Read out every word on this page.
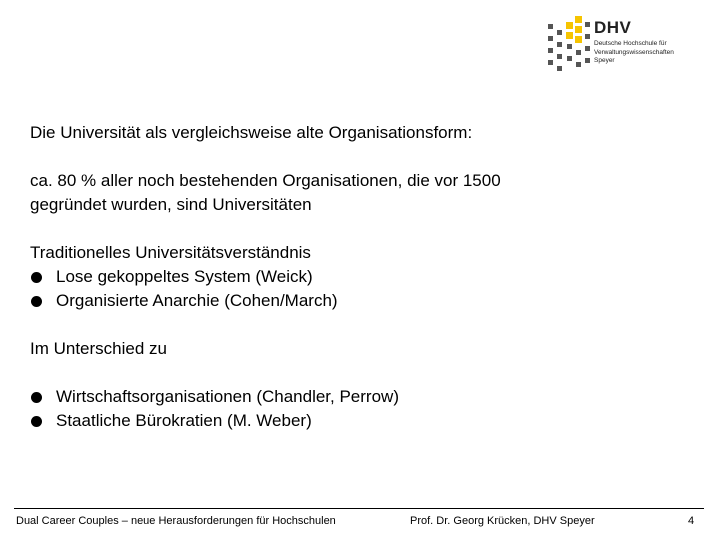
DHV
Deutsche Hochschule für
Verwaltungswissenschaften
Speyer

Die Universität als vergleichsweise alte Organisationsform:

ca. 80 % aller noch bestehenden Organisationen, die vor 1500

gegründet wurden, sind Universitäten

Traditionelles Universitätsverständnis

Lose gekoppeltes System (Weick)
Organisierte Anarchie (Cohen/March)

Im Unterschied zu

Wirtschaftsorganisationen (Chandler, Perrow)
Staatliche Bürokratien (M. Weber)
Dual Career Couples – neue Herausforderungen für Hochschulen	Prof. Dr. Georg Krücken, DHV Speyer	4
